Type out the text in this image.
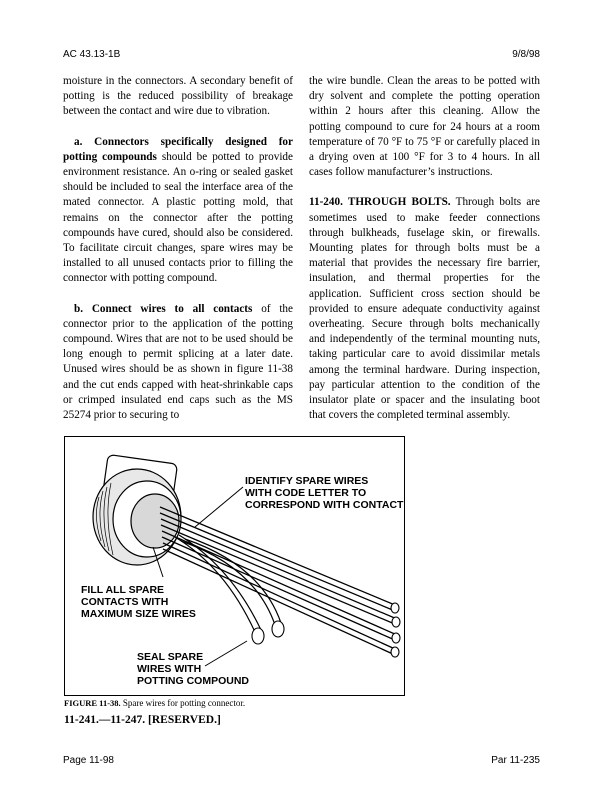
AC 43.13-1B	9/8/98

moisture in the connectors. A secondary benefit of potting is the reduced possibility of breakage between the contact and wire due to vibration.

a. Connectors specifically designed for potting compounds should be potted to provide environment resistance. An o-ring or sealed gasket should be included to seal the interface area of the mated connector. A plastic potting mold, that remains on the connector after the potting compounds have cured, should also be considered. To facilitate circuit changes, spare wires may be installed to all unused contacts prior to filling the connector with potting compound.

b. Connect wires to all contacts of the connector prior to the application of the potting compound. Wires that are not to be used should be long enough to permit splicing at a later date. Unused wires should be as shown in figure 11-38 and the cut ends capped with heat-shrinkable caps or crimped insulated end caps such as the MS 25274 prior to securing to

the wire bundle. Clean the areas to be potted with dry solvent and complete the potting operation within 2 hours after this cleaning. Allow the potting compound to cure for 24 hours at a room temperature of 70 °F to 75 °F or carefully placed in a drying oven at 100 °F for 3 to 4 hours. In all cases follow manufacturer’s instructions.

11-240. THROUGH BOLTS. Through bolts are sometimes used to make feeder connections through bulkheads, fuselage skin, or firewalls. Mounting plates for through bolts must be a material that provides the necessary fire barrier, insulation, and thermal properties for the application. Sufficient cross section should be provided to ensure adequate conductivity against overheating. Secure through bolts mechanically and independently of the terminal mounting nuts, taking particular care to avoid dissimilar metals among the terminal hardware. During inspection, pay particular attention to the condition of the insulator plate or spacer and the insulating boot that covers the completed terminal assembly.

IDENTIFY SPARE WIRES
WITH CODE LETTER TO
CORRESPOND WITH CONTACT
FILL ALL SPARE
CONTACTS WITH
MAXIMUM SIZE WIRES
SEAL SPARE
WIRES WITH
POTTING COMPOUND
FIGURE 11-38. Spare wires for potting connector.
11-241.—11-247. [RESERVED.]
Page 11-98	Par 11-235
